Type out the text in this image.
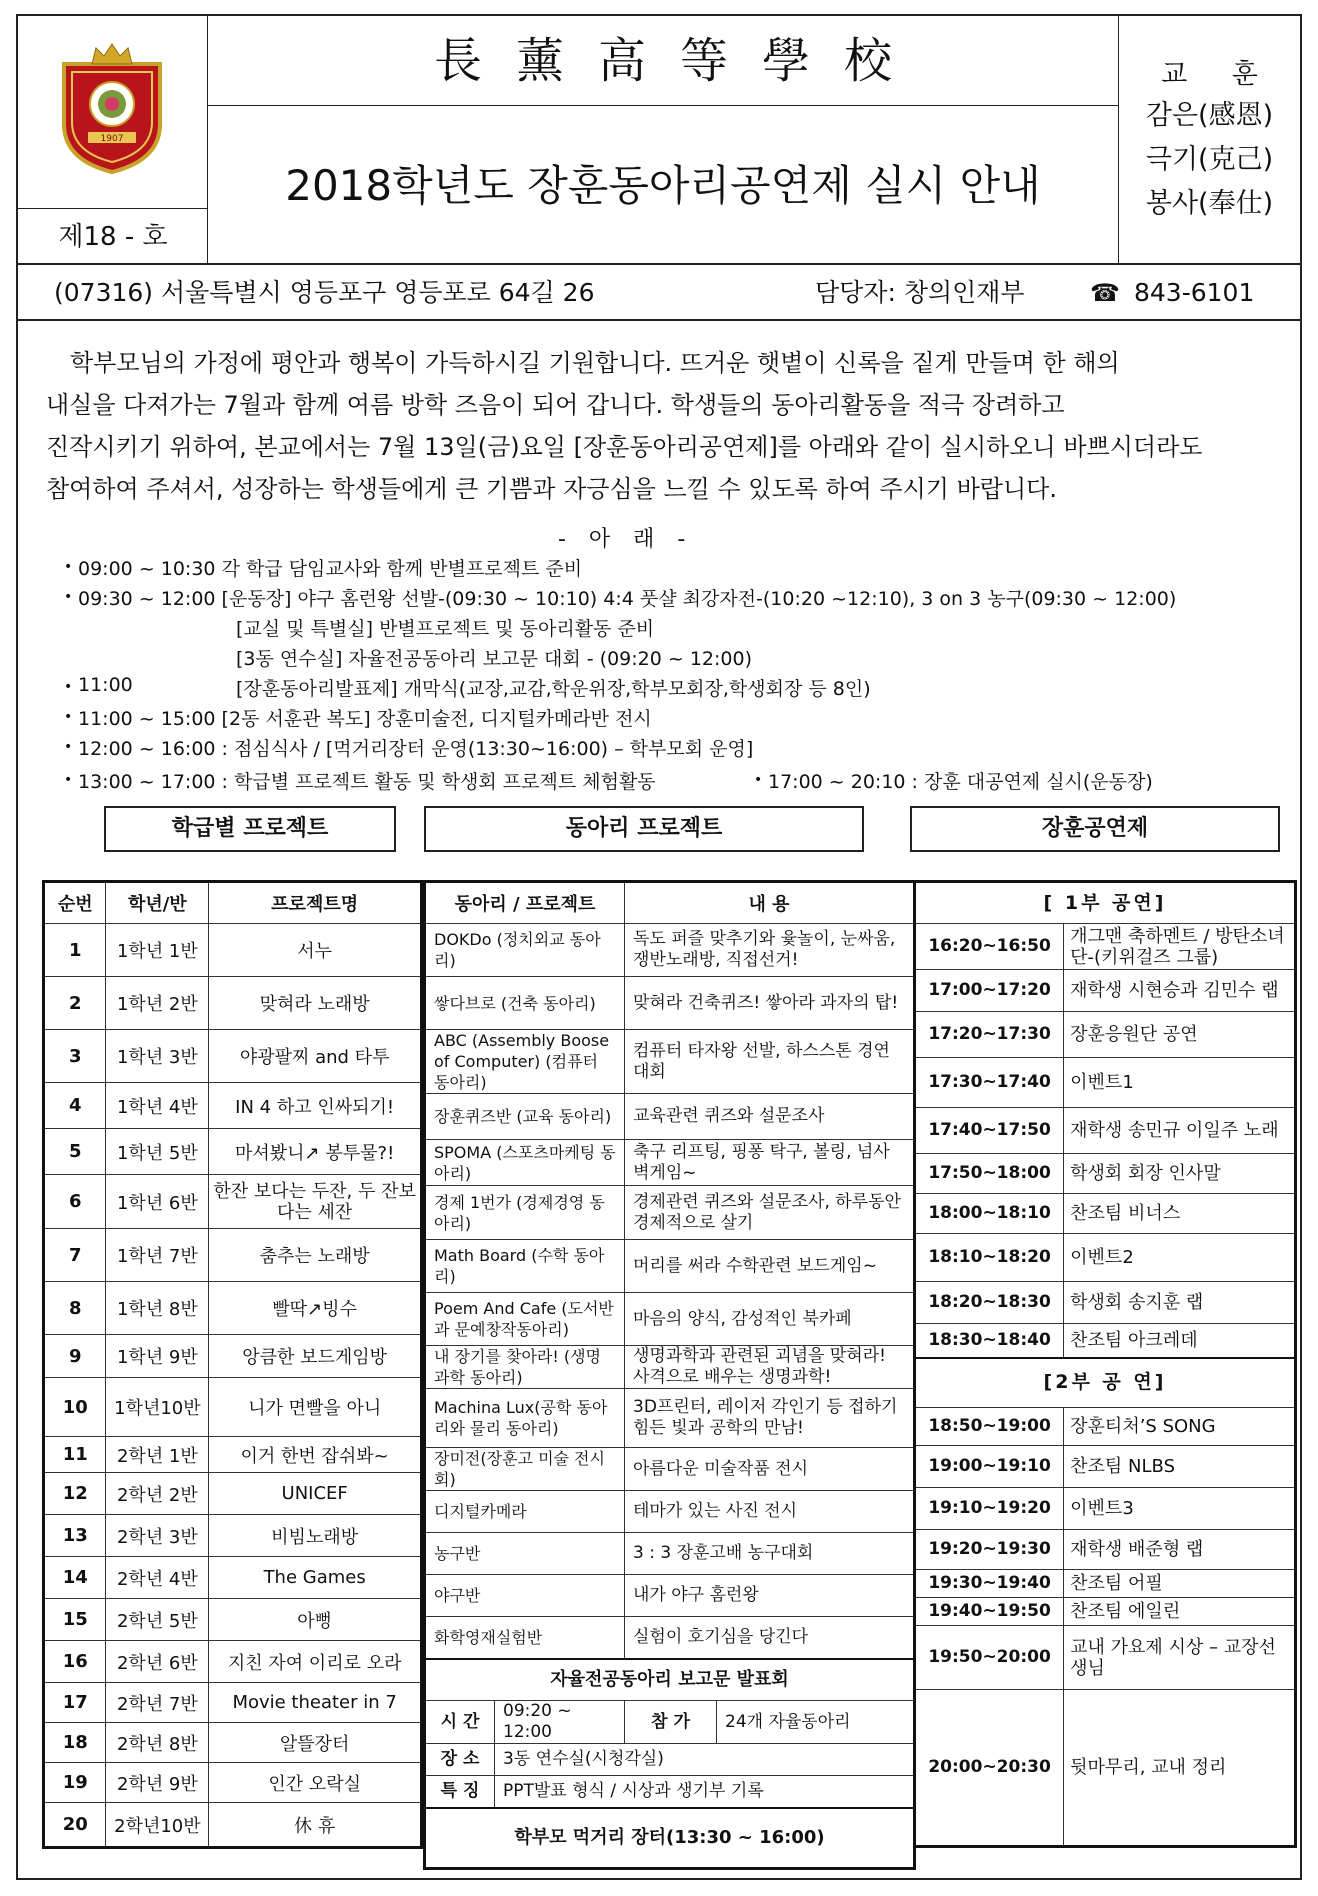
1907
제18 - 호
長薰高等學校
2018학년도 장훈동아리공연제 실시 안내
교 훈
감은(感恩)
극기(克己)
봉사(奉仕)
(07316) 서울특별시 영등포구 영등포로 64길 26	담당자: 창의인재부	☎ 843-6101

학부모님의 가정에 평안과 행복이 가득하시길 기원합니다. 뜨거운 햇볕이 신록을 짙게 만들며 한 해의

내실을 다져가는 7월과 함께 여름 방학 즈음이 되어 갑니다. 학생들의 동아리활동을 적극 장려하고

진작시키기 위하여, 본교에서는 7월 13일(금)요일 [장훈동아리공연제]를 아래와 같이 실시하오니 바쁘시더라도

참여하여 주셔서, 성장하는 학생들에게 큰 기쁨과 자긍심을 느낄 수 있도록 하여 주시기 바랍니다.

- 아 래 -
• 09:00 ~ 10:30 각 학급 담임교사와 함께 반별프로젝트 준비
• 09:30 ~ 12:00 [운동장] 야구 홈런왕 선발-(09:30 ~ 10:10) 4:4 풋샬 최강자전-(10:20 ~12:10), 3 on 3 농구(09:30 ~ 12:00)
[교실 및 특별실] 반별프로젝트 및 동아리활동 준비
[3동 연수실] 자율전공동아리 보고문 대회 - (09:20 ~ 12:00)
• 11:00	[장훈동아리발표제] 개막식(교장,교감,학운위장,학부모회장,학생회장 등 8인)
• 11:00 ~ 15:00 [2동 서훈관 복도] 장훈미술전, 디지털카메라반 전시
• 12:00 ~ 16:00 : 점심식사 / [먹거리장터 운영(13:30~16:00) – 학부모회 운영]
• 13:00 ~ 17:00 : 학급별 프로젝트 활동 및 학생회 프로젝트 체험활동	• 17:00 ~ 20:10 : 장훈 대공연제 실시(운동장)
학급별 프로젝트	동아리 프로젝트	장훈공연제
순번	학년/반	프로젝트명
1	1학년 1반	서누
2	1학년 2반	맞혀라 노래방
3	1학년 3반	야광팔찌 and 타투
4	1학년 4반	IN 4 하고 인싸되기!
5	1학년 5반	마셔봤니↗ 봉투물?!
6	1학년 6반	한잔 보다는 두잔, 두 잔보다는 세잔
7	1학년 7반	춤추는 노래방
8	1학년 8반	빨딱↗빙수
9	1학년 9반	앙큼한 보드게임방
10	1학년10반	니가 면빨을 아니
11	2학년 1반	이거 한번 잡쉬봐~
12	2학년 2반	UNICEF
13	2학년 3반	비빔노래방
14	2학년 4반	The Games
15	2학년 5반	아뻥
16	2학년 6반	지친 자여 이리로 오라
17	2학년 7반	Movie theater in 7
18	2학년 8반	알뜰장터
19	2학년 9반	인간 오락실
20	2학년10반	休 휴
동아리 / 프로젝트		내 용	
DOKDo (정치외교 동아리)		독도 퍼즐 맞추기와 윷놀이, 눈싸움, 쟁반노래방, 직접선거!	
쌓다브로 (건축 동아리)		맞혀라 건축퀴즈! 쌓아라 과자의 탑!	
ABC (Assembly Boose of Computer) (컴퓨터 동아리)		컴퓨터 타자왕 선발, 하스스톤 경연대회	
장훈퀴즈반 (교육 동아리)		교육관련 퀴즈와 설문조사	
SPOMA (스포츠마케팅 동아리)		축구 리프팅, 핑퐁 탁구, 볼링, 넘사벽게임~	
경제 1번가 (경제경영 동아리)		경제관련 퀴즈와 설문조사, 하루동안 경제적으로 살기	
Math Board (수학 동아리)		머리를 써라 수학관련 보드게임~	
Poem And Cafe (도서반과 문예창작동아리)		마음의 양식, 감성적인 북카페	
내 장기를 찾아라! (생명과학 동아리)		생명과학과 관련된 괴념을 맞혀라! 사격으로 배우는 생명과학!	
Machina Lux(공학 동아리와 물리 동아리)		3D프린터, 레이저 각인기 등 접하기 힘든 빛과 공학의 만남!	
장미전(장훈고 미술 전시회)		아름다운 미술작품 전시	
디지털카메라		테마가 있는 사진 전시	
농구반		3 : 3 장훈고배 농구대회	
야구반		내가 야구 홈런왕	
화학영재실험반		실험이 호기심을 당긴다	
자율전공동아리 보고문 발표회			
시 간	09:20 ~ 12:00	참 가	24개 자율동아리
장 소	3동 연수실(시청각실)		
특 징	PPT발표 형식 / 시상과 생기부 기록		
학부모 먹거리 장터(13:30 ~ 16:00)			
[ 1부 공연]	
16:20~16:50	개그맨 축하멘트 / 방탄소녀단-(키위걸즈 그룹)
17:00~17:20	재학생 시현승과 김민수 랩
17:20~17:30	장훈응원단 공연
17:30~17:40	이벤트1
17:40~17:50	재학생 송민규 이일주 노래
17:50~18:00	학생회 회장 인사말
18:00~18:10	찬조팀 비너스
18:10~18:20	이벤트2
18:20~18:30	학생회 송지훈 랩
18:30~18:40	찬조팀 아크레데
[2부 공 연]	
18:50~19:00	장훈티처’S SONG
19:00~19:10	찬조팀 NLBS
19:10~19:20	이벤트3
19:20~19:30	재학생 배준형 랩
19:30~19:40	찬조팀 어필
19:40~19:50	찬조팀 에일린
19:50~20:00	교내 가요제 시상 – 교장선생님
20:00~20:30	뒷마무리, 교내 정리
